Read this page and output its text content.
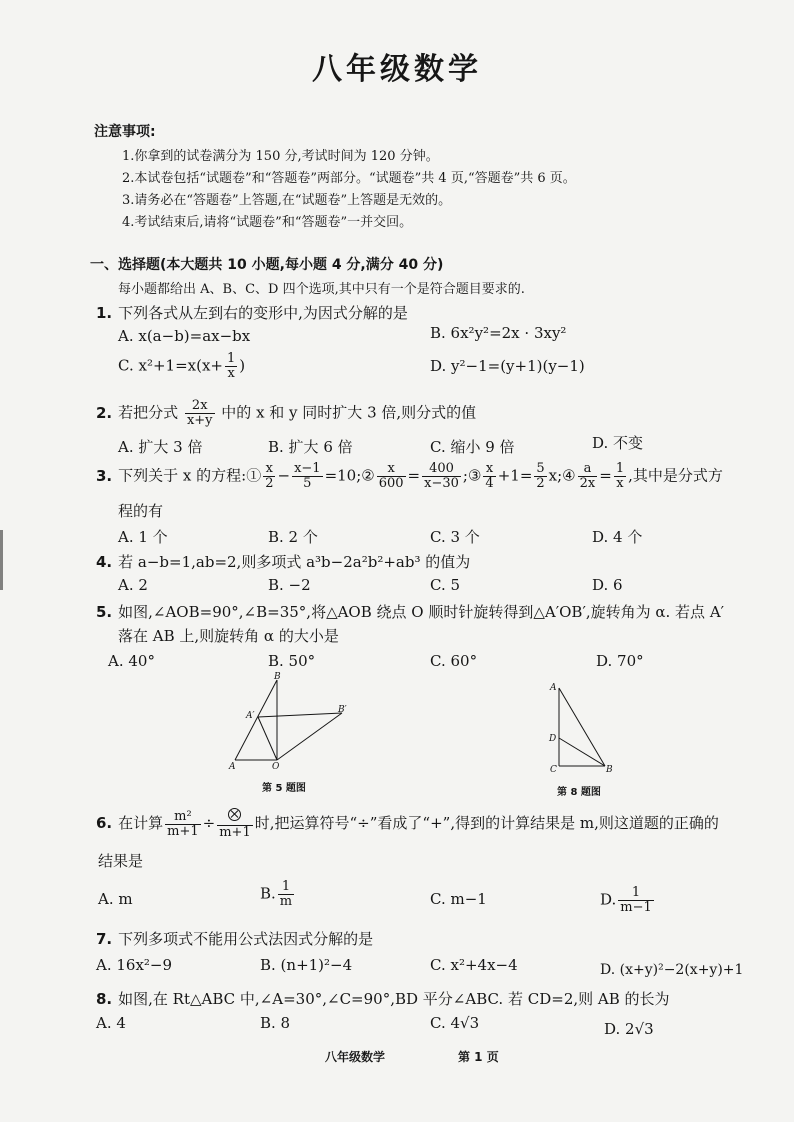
八年级数学
注意事项:
1.你拿到的试卷满分为 150 分,考试时间为 120 分钟。
2.本试卷包括“试题卷”和“答题卷”两部分。“试题卷”共 4 页,“答题卷”共 6 页。
3.请务必在“答题卷”上答题,在“试题卷”上答题是无效的。
4.考试结束后,请将“试题卷”和“答题卷”一并交回。
一、选择题(本大题共 10 小题,每小题 4 分,满分 40 分)
每小题都给出 A、B、C、D 四个选项,其中只有一个是符合题目要求的.
1. 下列各式从左到右的变形中,为因式分解的是
A. x(a−b)=ax−bx	B. 6x²y²=2x · 3xy²
C. $x^2+1=x(x+ \frac{1}{x}$ )	D. y²−1=(y+1)(y−1)
2. 若把分式 $\frac{2x}{x+y}$ 中的 x 和 y 同时扩大 3 倍,则分式的值
A. 扩大 3 倍	B. 扩大 6 倍	C. 缩小 9 倍	D. 不变
3. 下列关于 x 的方程:① $\frac{x}{2} - \frac{x-1}{5}$ =10;② $\frac{x}{600} = \frac{400}{x-30}$ ;③ $\frac{x}{4} +1= \frac{5}{2}$ x;④ $\frac{a}{2x} = \frac{1}{x}$ ,其中是分式方
程的有
A. 1 个	B. 2 个	C. 3 个	D. 4 个
4. 若 a−b=1,ab=2,则多项式 a³b−2a²b²+ab³ 的值为
A. 2	B. −2	C. 5	D. 6
5. 如图,∠AOB=90°,∠B=35°,将△AOB 绕点 O 顺时针旋转得到△A′OB′,旋转角为 α. 若点 A′
落在 AB 上,则旋转角 α 的大小是
A. 40°	B. 50°	C. 60°	D. 70°
B
A′
B′
A	O
第 5 题图
A
D
C	B
第 8 题图
6. 在计算 $\frac{\text{m²}}{m+1}$ ÷
m+1
时,把运算符号“÷”看成了“+”,得到的计算结果是 m,则这道题的正确的
结果是
A. m	B. $\frac{1}{m}$	C. m−1	D. $\frac{1}{m-1}$
7. 下列多项式不能用公式法因式分解的是
A. 16x²−9	B. (n+1)²−4	C. x²+4x−4	D. (x+y)²−2(x+y)+1
8. 如图,在 Rt△ABC 中,∠A=30°,∠C=90°,BD 平分∠ABC. 若 CD=2,则 AB 的长为
A. 4	B. 8	C. 4√3	D. 2√3
八年级数学	第 1 页
